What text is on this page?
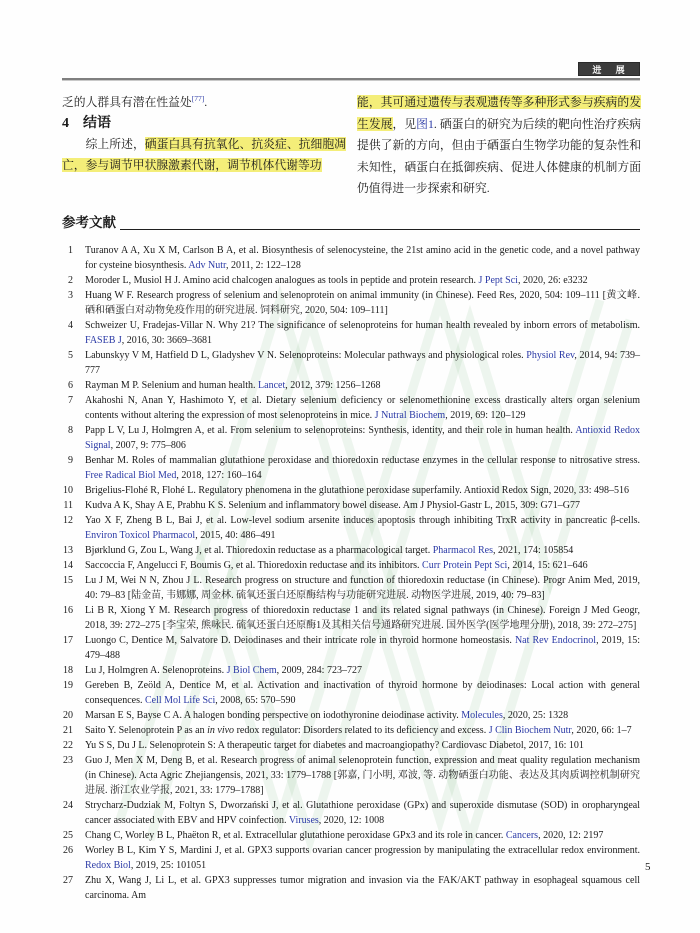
进 展

乏的人群具有潜在性益处[77].

4 结语

综上所述，硒蛋白具有抗氧化、抗炎症、抗细胞凋亡，参与调节甲状腺激素代谢，调节机体代谢等功

能，其可通过遗传与表观遗传等多种形式参与疾病的发生发展，见图1. 硒蛋白的研究为后续的靶向性治疗疾病提供了新的方向，但由于硒蛋白生物学功能的复杂性和未知性，硒蛋白在抵御疾病、促进人体健康的机制方面仍值得进一步探索和研究.

参考文献
1 Turanov A A, Xu X M, Carlson B A, et al. Biosynthesis of selenocysteine, the 21st amino acid in the genetic code, and a novel pathway for cysteine biosynthesis. Adv Nutr, 2011, 2: 122–128
2 Moroder L, Musiol H J. Amino acid chalcogen analogues as tools in peptide and protein research. J Pept Sci, 2020, 26: e3232
3 Huang W F. Research progress of selenium and selenoprotein on animal immunity (in Chinese). Feed Res, 2020, 504: 109–111 [黄文峰. 硒和硒蛋白对动物免疫作用的研究进展. 饲料研究, 2020, 504: 109–111]
4 Schweizer U, Fradejas-Villar N. Why 21? The significance of selenoproteins for human health revealed by inborn errors of metabolism. FASEB J, 2016, 30: 3669–3681
5 Labunskyy V M, Hatfield D L, Gladyshev V N. Selenoproteins: Molecular pathways and physiological roles. Physiol Rev, 2014, 94: 739–777
6 Rayman M P. Selenium and human health. Lancet, 2012, 379: 1256–1268
7 Akahoshi N, Anan Y, Hashimoto Y, et al. Dietary selenium deficiency or selenomethionine excess drastically alters organ selenium contents without altering the expression of most selenoproteins in mice. J Nutral Biochem, 2019, 69: 120–129
8 Papp L V, Lu J, Holmgren A, et al. From selenium to selenoproteins: Synthesis, identity, and their role in human health. Antioxid Redox Signal, 2007, 9: 775–806
9 Benhar M. Roles of mammalian glutathione peroxidase and thioredoxin reductase enzymes in the cellular response to nitrosative stress. Free Radical Biol Med, 2018, 127: 160–164
10 Brigelius-Flohé R, Flohé L. Regulatory phenomena in the glutathione peroxidase superfamily. Antioxid Redox Sign, 2020, 33: 498–516
11 Kudva A K, Shay A E, Prabhu K S. Selenium and inflammatory bowel disease. Am J Physiol-Gastr L, 2015, 309: G71–G77
12 Yao X F, Zheng B L, Bai J, et al. Low-level sodium arsenite induces apoptosis through inhibiting TrxR activity in pancreatic β-cells. Environ Toxicol Pharmacol, 2015, 40: 486–491
13 Bjørklund G, Zou L, Wang J, et al. Thioredoxin reductase as a pharmacological target. Pharmacol Res, 2021, 174: 105854
14 Saccoccia F, Angelucci F, Boumis G, et al. Thioredoxin reductase and its inhibitors. Curr Protein Pept Sci, 2014, 15: 621–646
15 Lu J M, Wei N N, Zhou J L. Research progress on structure and function of thioredoxin reductase (in Chinese). Progr Anim Med, 2019, 40: 79–83 [陆金苗, 韦娜娜, 周金林. 硫氧还蛋白还原酶结构与功能研究进展. 动物医学进展, 2019, 40: 79–83]
16 Li B R, Xiong Y M. Research progress of thioredoxin reductase 1 and its related signal pathways (in Chinese). Foreign J Med Geogr, 2018, 39: 272–275 [李宝荣, 熊咏民. 硫氧还蛋白还原酶1及其相关信号通路研究进展. 国外医学(医学地理分册), 2018, 39: 272–275]
17 Luongo C, Dentice M, Salvatore D. Deiodinases and their intricate role in thyroid hormone homeostasis. Nat Rev Endocrinol, 2019, 15: 479–488
18 Lu J, Holmgren A. Selenoproteins. J Biol Chem, 2009, 284: 723–727
19 Gereben B, Zeöld A, Dentice M, et al. Activation and inactivation of thyroid hormone by deiodinases: Local action with general consequences. Cell Mol Life Sci, 2008, 65: 570–590
20 Marsan E S, Bayse C A. A halogen bonding perspective on iodothyronine deiodinase activity. Molecules, 2020, 25: 1328
21 Saito Y. Selenoprotein P as an in vivo redox regulator: Disorders related to its deficiency and excess. J Clin Biochem Nutr, 2020, 66: 1–7
22 Yu S S, Du J L. Selenoprotein S: A therapeutic target for diabetes and macroangiopathy? Cardiovasc Diabetol, 2017, 16: 101
23 Guo J, Men X M, Deng B, et al. Research progress of animal selenoprotein function, expression and meat quality regulation mechanism (in Chinese). Acta Agric Zhejiangensis, 2021, 33: 1779–1788 [郭嘉, 门小明, 邓波, 等. 动物硒蛋白功能、表达及其肉质调控机制研究进展. 浙江农业学报, 2021, 33: 1779–1788]
24 Strycharz-Dudziak M, Foltyn S, Dworzański J, et al. Glutathione peroxidase (GPx) and superoxide dismutase (SOD) in oropharyngeal cancer associated with EBV and HPV coinfection. Viruses, 2020, 12: 1008
25 Chang C, Worley B L, Phaëton R, et al. Extracellular glutathione peroxidase GPx3 and its role in cancer. Cancers, 2020, 12: 2197
26 Worley B L, Kim Y S, Mardini J, et al. GPX3 supports ovarian cancer progression by manipulating the extracellular redox environment. Redox Biol, 2019, 25: 101051
27 Zhu X, Wang J, Li L, et al. GPX3 suppresses tumor migration and invasion via the FAK/AKT pathway in esophageal squamous cell carcinoma. Am
5
